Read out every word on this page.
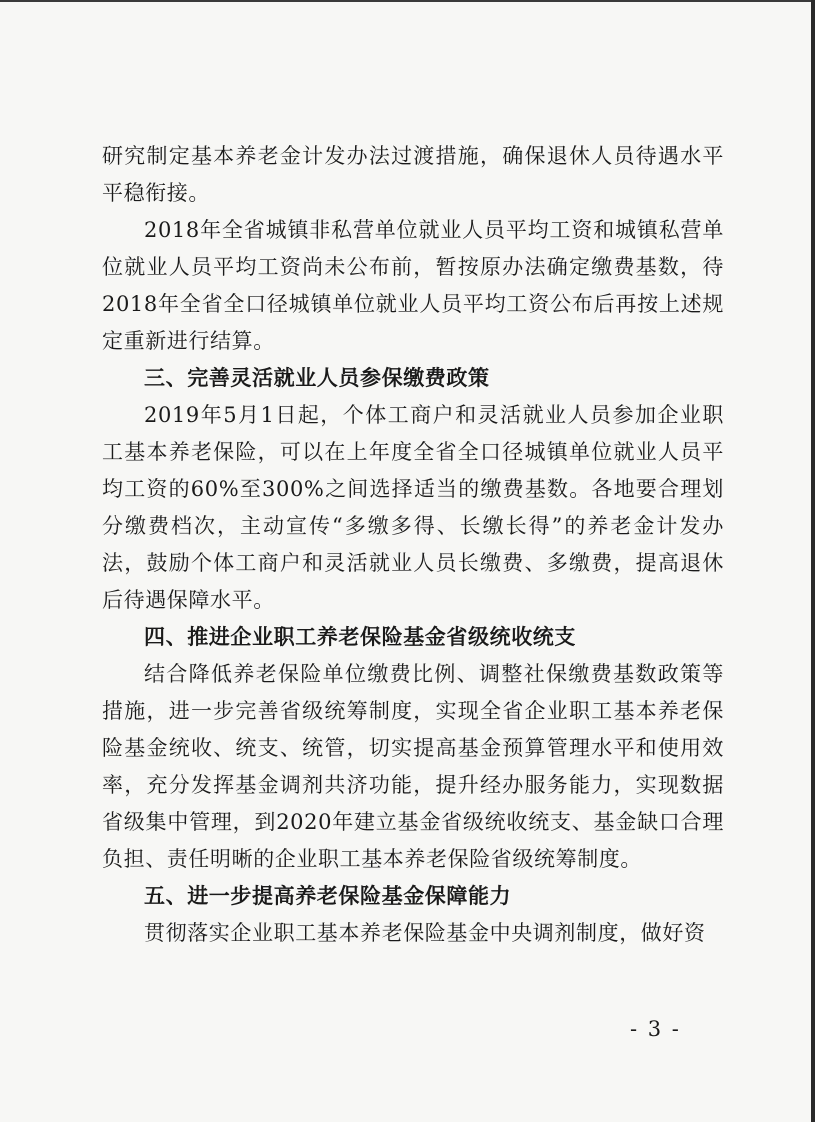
研究制定基本养老金计发办法过渡措施，确保退休人员待遇水平平稳衔接。

2018年全省城镇非私营单位就业人员平均工资和城镇私营单位就业人员平均工资尚未公布前，暂按原办法确定缴费基数，待2018年全省全口径城镇单位就业人员平均工资公布后再按上述规定重新进行结算。

三、完善灵活就业人员参保缴费政策

2019年5月1日起，个体工商户和灵活就业人员参加企业职工基本养老保险，可以在上年度全省全口径城镇单位就业人员平均工资的60%至300%之间选择适当的缴费基数。各地要合理划分缴费档次，主动宣传“多缴多得、长缴长得”的养老金计发办法，鼓励个体工商户和灵活就业人员长缴费、多缴费，提高退休后待遇保障水平。

四、推进企业职工养老保险基金省级统收统支

结合降低养老保险单位缴费比例、调整社保缴费基数政策等措施，进一步完善省级统筹制度，实现全省企业职工基本养老保险基金统收、统支、统管，切实提高基金预算管理水平和使用效率，充分发挥基金调剂共济功能，提升经办服务能力，实现数据省级集中管理，到2020年建立基金省级统收统支、基金缺口合理负担、责任明晰的企业职工基本养老保险省级统筹制度。

五、进一步提高养老保险基金保障能力

贯彻落实企业职工基本养老保险基金中央调剂制度，做好资

- 3 -
